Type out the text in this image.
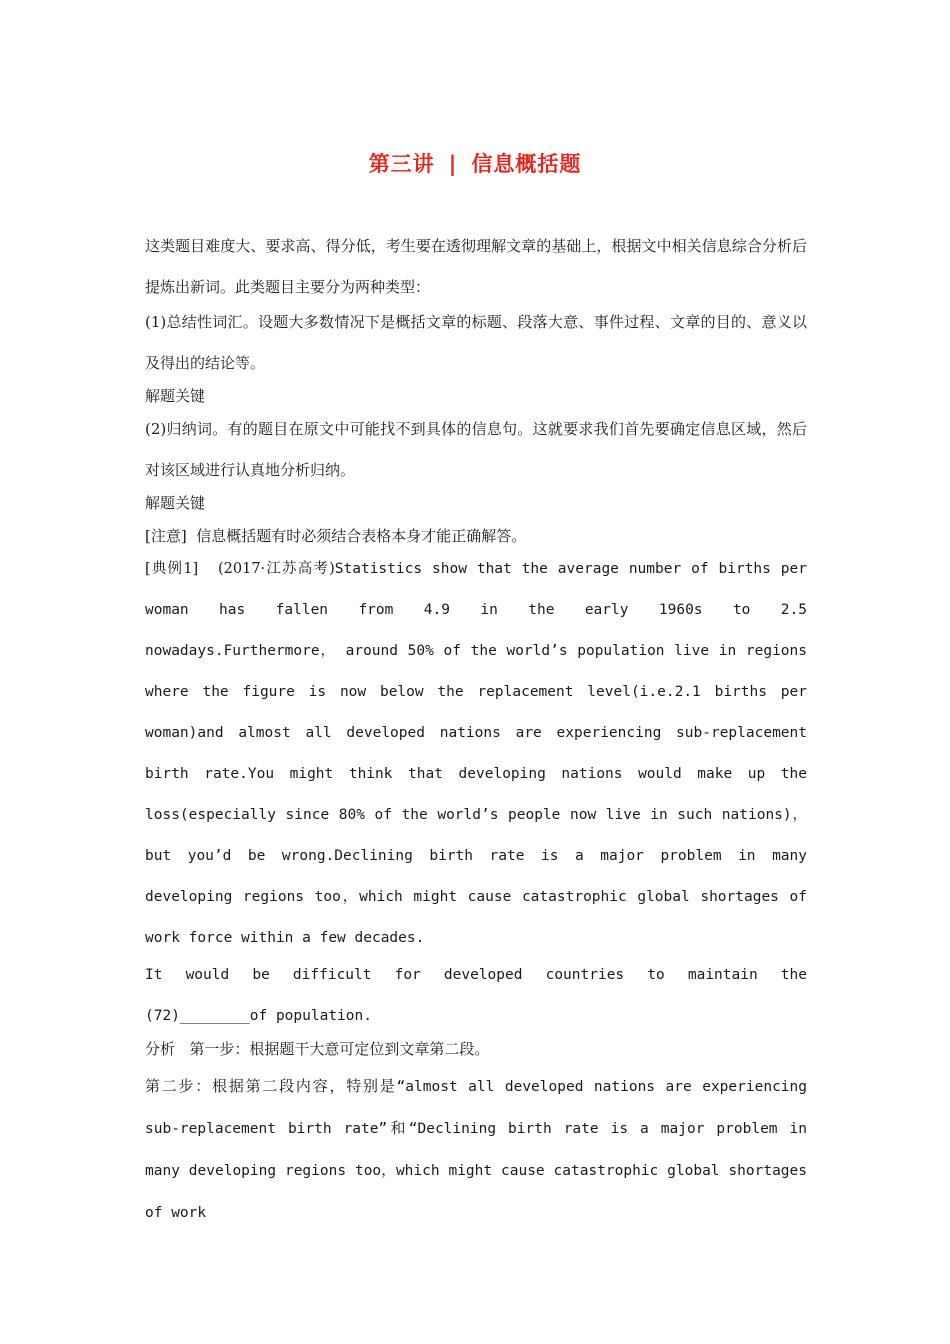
第三讲 | 信息概括题

这类题目难度大、要求高、得分低，考生要在透彻理解文章的基础上，根据文中相关信息综合分析后提炼出新词。此类题目主要分为两种类型：

(1)总结性词汇。设题大多数情况下是概括文章的标题、段落大意、事件过程、文章的目的、意义以及得出的结论等。

解题关键

(2)归纳词。有的题目在原文中可能找不到具体的信息句。这就要求我们首先要确定信息区域，然后对该区域进行认真地分析归纳。

解题关键

[注意]  信息概括题有时必须结合表格本身才能正确解答。

[典例1] (2017·江苏高考)Statistics show that the average number of births per

woman has fallen from 4.9 in the early 1960s to 2.5

nowadays.Furthermore， around 50% of the world’s population live in regions where the figure is now below the replacement level(i.e.2.1 births per woman)and almost all developed nations are experiencing sub-replacement birth rate.You might think that developing nations would make up the loss(especially since 80% of the world’s people now live in such nations)， but you’d be wrong.Declining birth rate is a major problem in many developing regions too，which might cause catastrophic global shortages of work force within a few decades.

It would be difficult for developed countries to maintain the (72)________of population.

分析 第一步：根据题干大意可定位到文章第二段。

第二步：根据第二段内容，特别是“almost all developed nations are experiencing sub-replacement birth rate”和“Declining birth rate is a major problem in many developing regions too，which might cause catastrophic global shortages of work
